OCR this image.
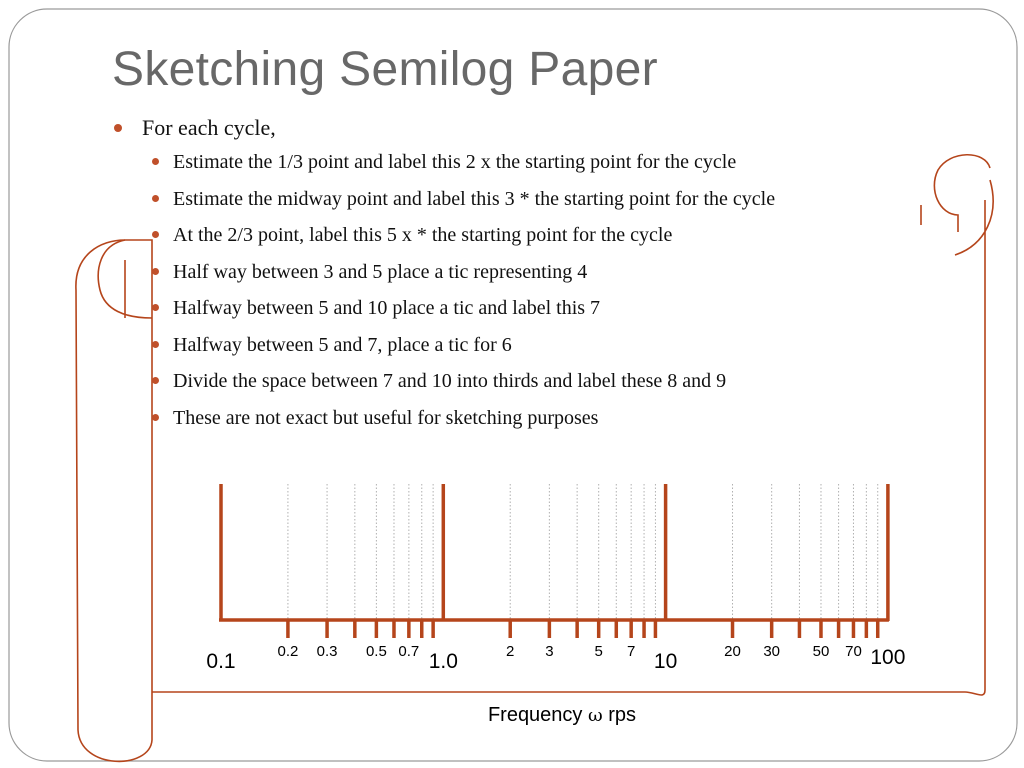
Sketching Semilog Paper
For each cycle,
Estimate the 1/3 point and label this 2 x the starting point for the cycle
Estimate the midway point and label this 3 * the starting point for the cycle
At the 2/3 point, label this 5 x * the starting point for the cycle
Half way between 3 and 5 place a tic representing 4
Halfway between 5 and 10 place a tic and label this 7
Halfway between 5 and 7, place a tic for 6
Divide the space between 7 and 10 into thirds and label these 8 and 9
These are not exact but useful for sketching purposes
0.2 0.3 0.5 0.7	2 3	5 7	20 30 50 70
0.1	1.0	10	100
Frequency ω rps
